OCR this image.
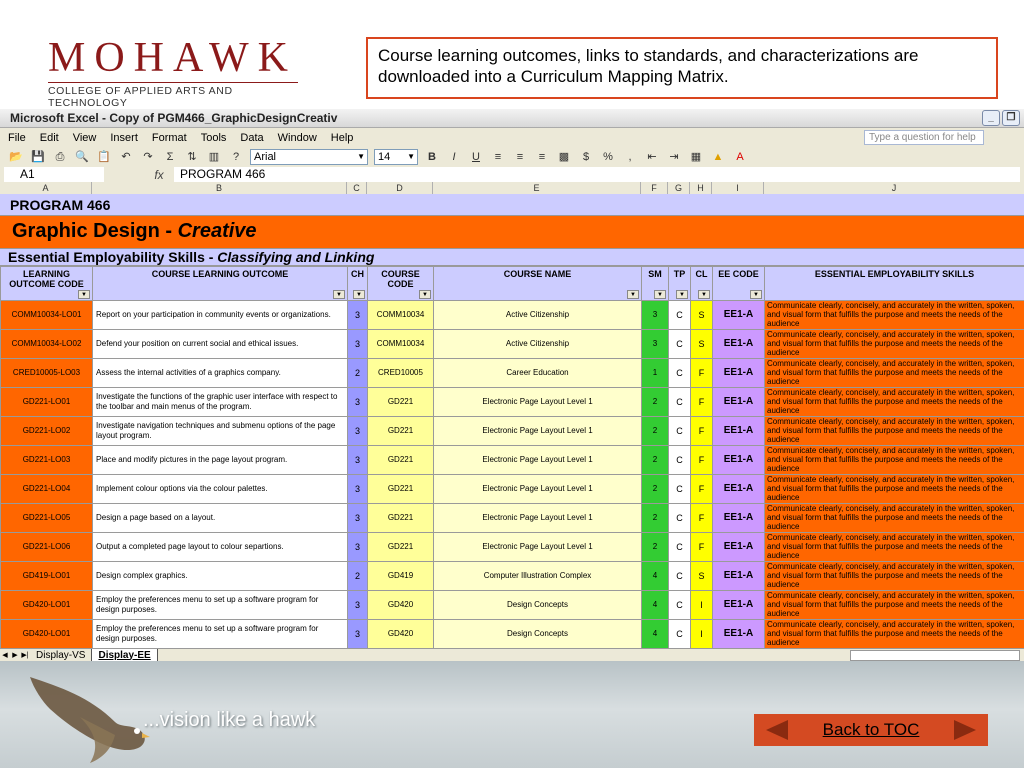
MOHAWK
COLLEGE OF APPLIED ARTS AND TECHNOLOGY
Course learning outcomes, links to standards, and characterizations are downloaded into a Curriculum Mapping Matrix.
Microsoft Excel - Copy of PGM466_GraphicDesignCreativ	_	❐
File Edit View Insert Format Tools Data Window Help	Type a question for help
📂 💾 ⎙ 🔍 📋 ↶	↷	Σ	⇅	▥	?	Arial	▼	14 ▼	B	I	U	≡	≡	≡	▩	$	%	,	⇤	⇥	▦ ▲	A
A1	fx	PROGRAM 466
A	B	C	D	E	F	G	H	I	J
PROGRAM 466
Graphic Design - Creative
Essential Employability Skills - Classifying and Linking
LEARNING OUTCOME CODE
▼	COURSE LEARNING OUTCOME
▼	CH
▼	COURSE CODE
▼	COURSE NAME
▼	SM
▼	TP
▼	CL
▼	EE CODE
▼	ESSENTIAL EMPLOYABILITY SKILLS
COMM10034-LO01	Report on your participation in community events or organizations.	3	COMM10034	Active Citizenship	3	C	S	EE1-A	Communicate clearly, concisely, and accurately in the written, spoken, and visual form that fulfills the purpose and meets the needs of the audience
COMM10034-LO02	Defend your position on current social and ethical issues.	3	COMM10034	Active Citizenship	3	C	S	EE1-A	Communicate clearly, concisely, and accurately in the written, spoken, and visual form that fulfills the purpose and meets the needs of the audience
CRED10005-LO03	Assess the internal activities of a graphics company.	2	CRED10005	Career Education	1	C	F	EE1-A	Communicate clearly, concisely, and accurately in the written, spoken, and visual form that fulfills the purpose and meets the needs of the audience
GD221-LO01	Investigate the functions of the graphic user interface with respect to the toolbar and main menus of the program.	3	GD221	Electronic Page Layout Level 1	2	C	F	EE1-A	Communicate clearly, concisely, and accurately in the written, spoken, and visual form that fulfills the purpose and meets the needs of the audience
GD221-LO02	Investigate navigation techniques and submenu options of the page layout program.	3	GD221	Electronic Page Layout Level 1	2	C	F	EE1-A	Communicate clearly, concisely, and accurately in the written, spoken, and visual form that fulfills the purpose and meets the needs of the audience
GD221-LO03	Place and modify pictures in the page layout program.	3	GD221	Electronic Page Layout Level 1	2	C	F	EE1-A	Communicate clearly, concisely, and accurately in the written, spoken, and visual form that fulfills the purpose and meets the needs of the audience
GD221-LO04	Implement colour options via the colour palettes.	3	GD221	Electronic Page Layout Level 1	2	C	F	EE1-A	Communicate clearly, concisely, and accurately in the written, spoken, and visual form that fulfills the purpose and meets the needs of the audience
GD221-LO05	Design a page based on a layout.	3	GD221	Electronic Page Layout Level 1	2	C	F	EE1-A	Communicate clearly, concisely, and accurately in the written, spoken, and visual form that fulfills the purpose and meets the needs of the audience
GD221-LO06	Output a completed page layout to colour separtions.	3	GD221	Electronic Page Layout Level 1	2	C	F	EE1-A	Communicate clearly, concisely, and accurately in the written, spoken, and visual form that fulfills the purpose and meets the needs of the audience
GD419-LO01	Design complex graphics.	2	GD419	Computer Illustration Complex	4	C	S	EE1-A	Communicate clearly, concisely, and accurately in the written, spoken, and visual form that fulfills the purpose and meets the needs of the audience
GD420-LO01	Employ the preferences menu to set up a software program for design purposes.	3	GD420	Design Concepts	4	C	I	EE1-A	Communicate clearly, concisely, and accurately in the written, spoken, and visual form that fulfills the purpose and meets the needs of the audience
GD420-LO01	Employ the preferences menu to set up a software program for design purposes.	3	GD420	Design Concepts	4	C	I	EE1-A	Communicate clearly, concisely, and accurately in the written, spoken, and visual form that fulfills the purpose and meets the needs of the audience
◀ ▶ ▶| Display-VS	Display-EE
...vision like a hawk	Back to TOC
